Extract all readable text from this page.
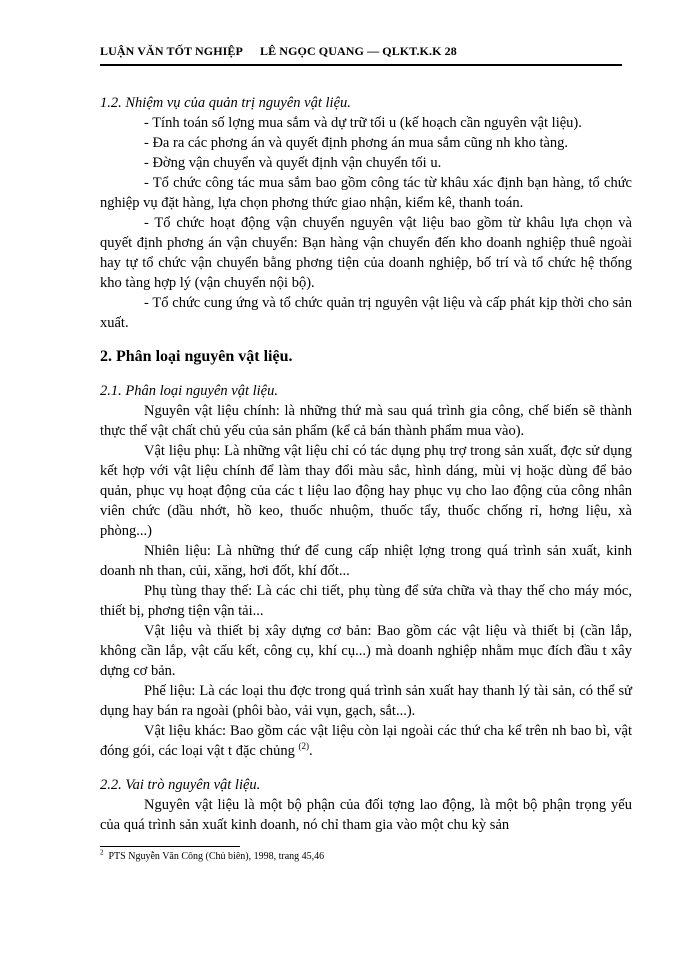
LUẬN VĂN TỐT NGHIỆP LÊ NGỌC QUANG — QLKT.K.K 28

1.2. Nhiệm vụ của quản trị nguyên vật liệu.

- Tính toán số lợng mua sắm và dự trữ tối u (kế hoạch cần nguyên vật liệu).

- Đa ra các phơng án và quyết định phơng án mua sắm cũng nh kho tàng.

- Đờng vận chuyển và quyết định vận chuyển tối u.

- Tổ chức công tác mua sắm bao gồm công tác từ khâu xác định bạn hàng, tổ chức nghiệp vụ đặt hàng, lựa chọn phơng thức giao nhận, kiểm kê, thanh toán.

- Tổ chức hoạt động vận chuyển nguyên vật liệu bao gồm từ khâu lựa chọn và quyết định phơng án vận chuyển: Bạn hàng vận chuyển đến kho doanh nghiệp thuê ngoài hay tự tổ chức vận chuyển bằng phơng tiện của doanh nghiệp, bố trí và tổ chức hệ thống kho tàng hợp lý (vận chuyển nội bộ).

- Tổ chức cung ứng và tổ chức quản trị nguyên vật liệu và cấp phát kịp thời cho sản xuất.

2. Phân loại nguyên vật liệu.

2.1. Phân loại nguyên vật liệu.

Nguyên vật liệu chính: là những thứ mà sau quá trình gia công, chế biến sẽ thành thực thể vật chất chủ yếu của sản phẩm (kể cả bán thành phẩm mua vào).

Vật liệu phụ: Là những vật liệu chỉ có tác dụng phụ trợ trong sản xuất, đợc sử dụng kết hợp với vật liệu chính để làm thay đổi màu sắc, hình dáng, mùi vị hoặc dùng để bảo quản, phục vụ hoạt động của các t liệu lao động hay phục vụ cho lao động của công nhân viên chức (dầu nhớt, hồ keo, thuốc nhuộm, thuốc tẩy, thuốc chống rỉ, hơng liệu, xà phòng...)

Nhiên liệu: Là những thứ để cung cấp nhiệt lợng trong quá trình sản xuất, kinh doanh nh than, củi, xăng, hơi đốt, khí đốt...

Phụ tùng thay thế: Là các chi tiết, phụ tùng để sửa chữa và thay thế cho máy móc, thiết bị, phơng tiện vận tải...

Vật liệu và thiết bị xây dựng cơ bản: Bao gồm các vật liệu và thiết bị (cần lắp, không cần lắp, vật cấu kết, công cụ, khí cụ...) mà doanh nghiệp nhằm mục đích đầu t xây dựng cơ bản.

Phế liệu: Là các loại thu đợc trong quá trình sản xuất hay thanh lý tài sản, có thể sử dụng hay bán ra ngoài (phôi bào, vải vụn, gạch, sắt...).

Vật liệu khác: Bao gồm các vật liệu còn lại ngoài các thứ cha kể trên nh bao bì, vật đóng gói, các loại vật t đặc chủng $^{(2)}$.

2.2. Vai trò nguyên vật liệu.

Nguyên vật liệu là một bộ phận của đối tợng lao động, là một bộ phận trọng yếu của quá trình sản xuất kinh doanh, nó chỉ tham gia vào một chu kỳ sản

$^2$ PTS Nguyễn Văn Công (Chủ biên), 1998, trang 45,46
